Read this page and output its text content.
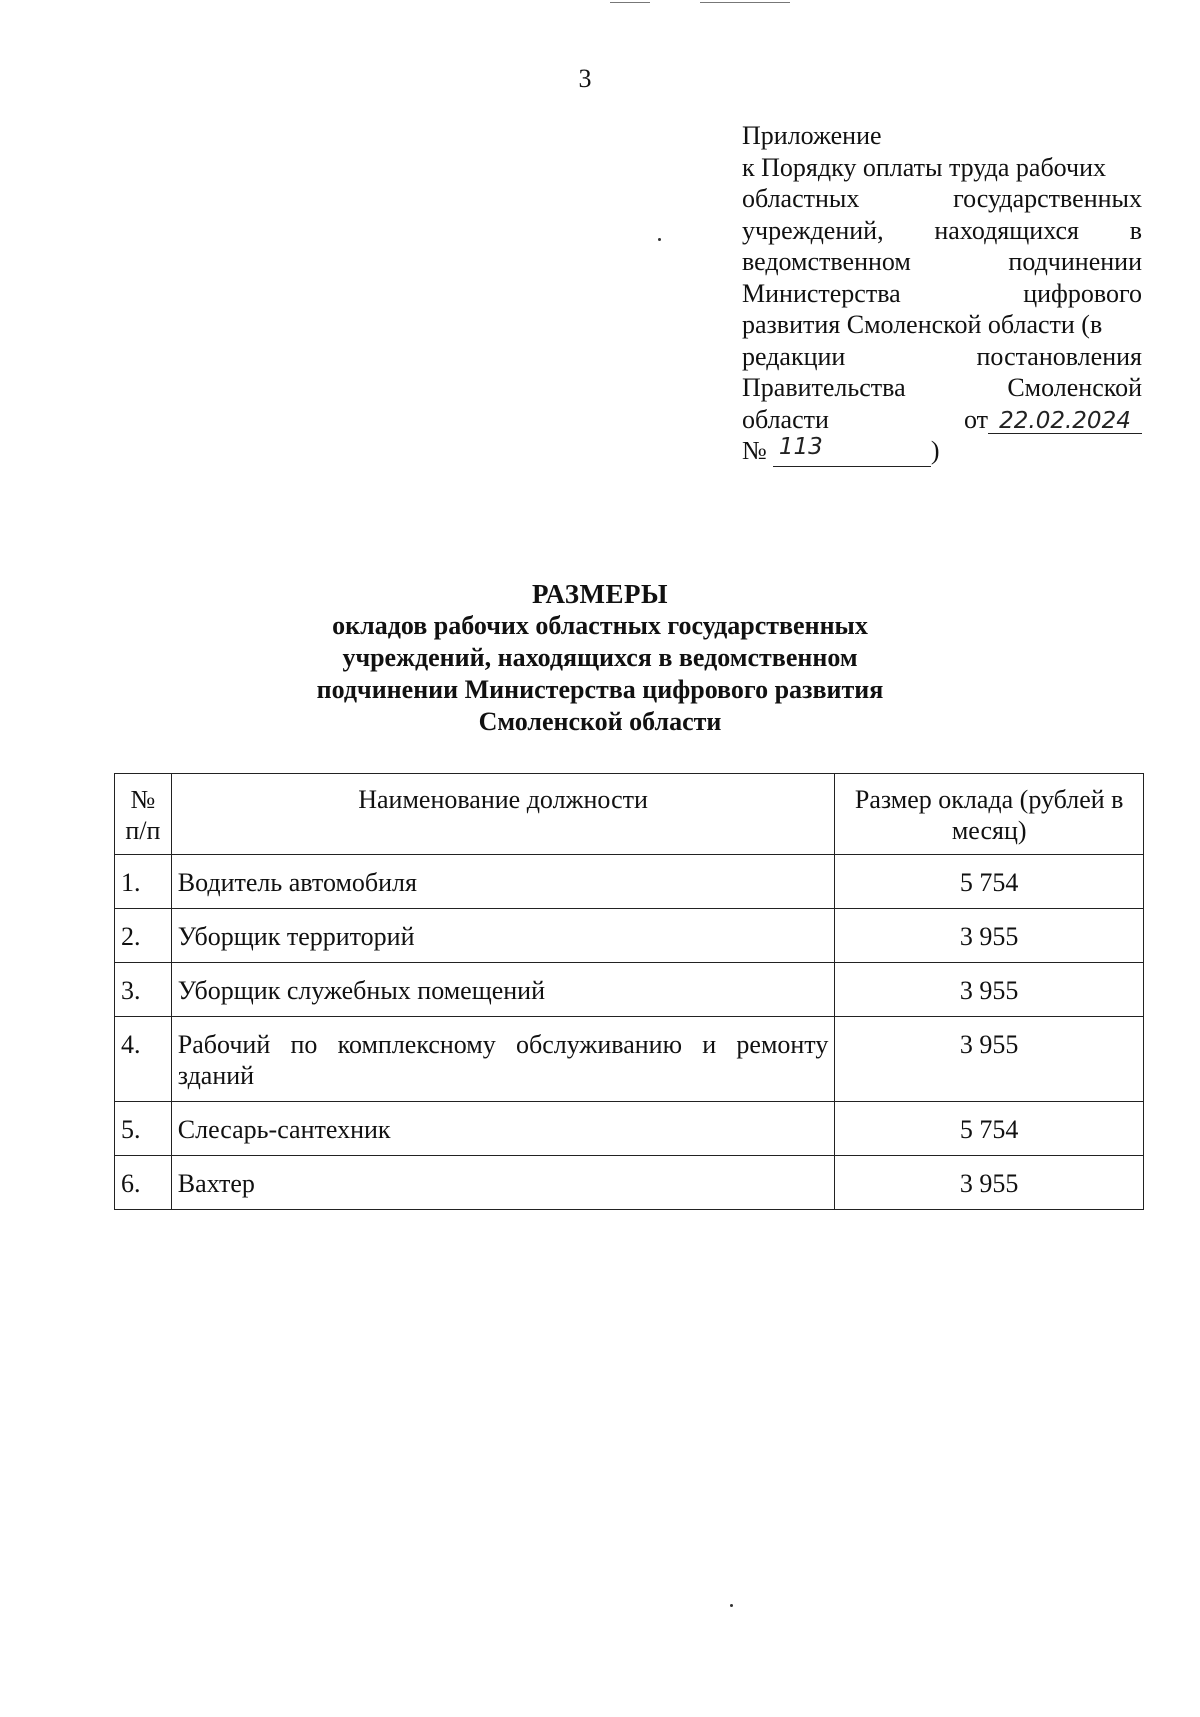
3
Приложение
к Порядку оплаты труда рабочих
областных	государственных
учреждений, находящихся в
ведомственном	подчинении
Министерства	цифрового
развития Смоленской области (в
редакции	постановления
Правительства	Смоленской
области	от 22.02.2024
№ 113	)
РАЗМЕРЫ
окладов рабочих областных государственных
учреждений, находящихся в ведомственном
подчинении Министерства цифрового развития
Смоленской области
№ п/п	Наименование должности	Размер оклада (рублей в месяц)
1.	Водитель автомобиля	5 754
2.	Уборщик территорий	3 955
3.	Уборщик служебных помещений	3 955
4.	Рабочий по комплексному обслуживанию и ремонту зданий	3 955
5.	Слесарь-сантехник	5 754
6.	Вахтер	3 955
